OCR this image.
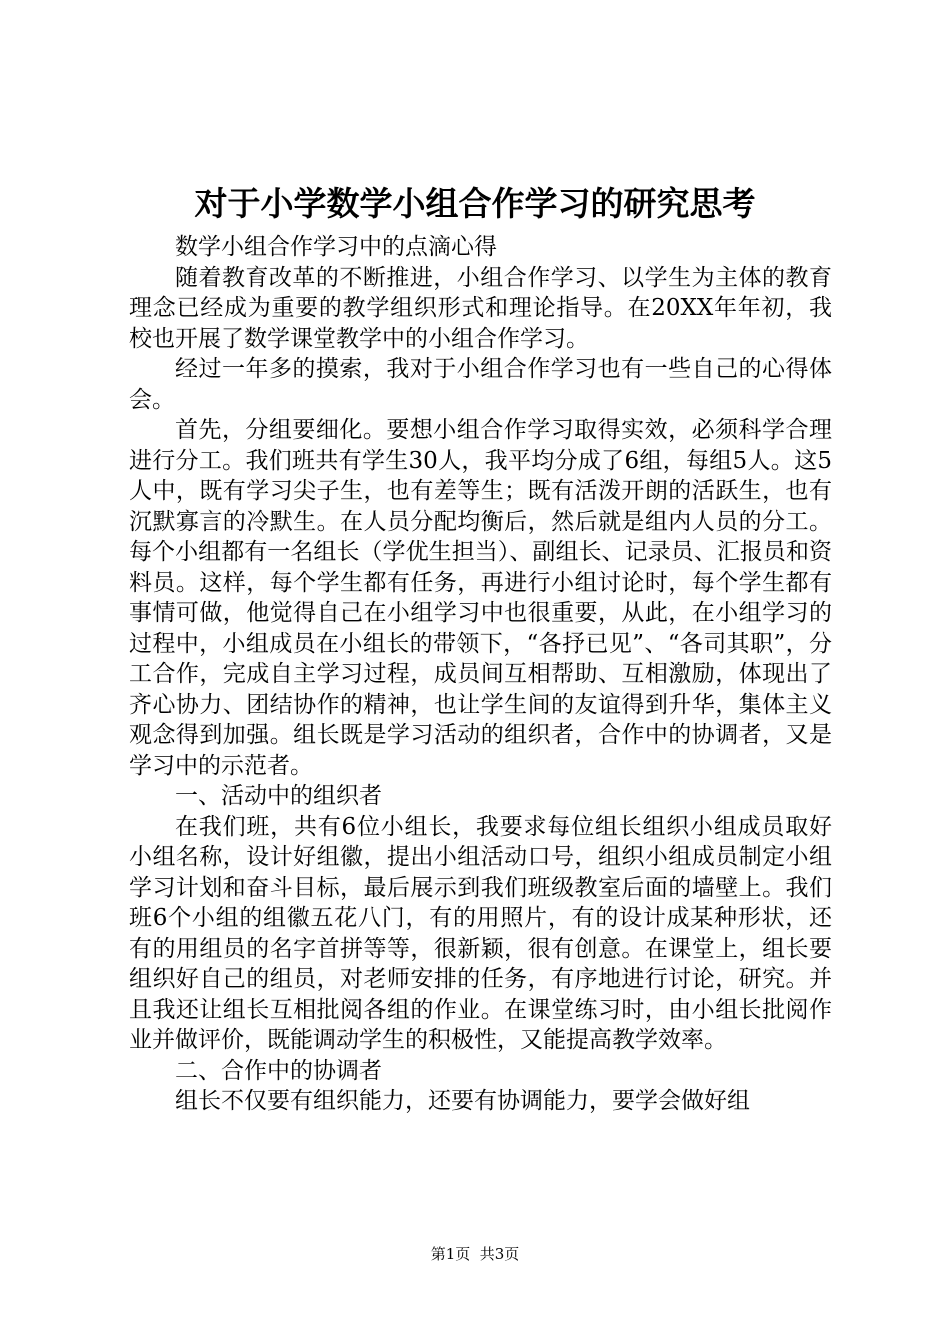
对于小学数学小组合作学习的研究思考

数学小组合作学习中的点滴心得

随着教育改革的不断推进，小组合作学习、以学生为主体的教育理念已经成为重要的教学组织形式和理论指导。在20XX年年初，我校也开展了数学课堂教学中的小组合作学习。

经过一年多的摸索，我对于小组合作学习也有一些自己的心得体会。

首先，分组要细化。要想小组合作学习取得实效，必须科学合理进行分工。我们班共有学生30人，我平均分成了6组，每组5人。这5人中，既有学习尖子生，也有差等生；既有活泼开朗的活跃生，也有沉默寡言的冷默生。在人员分配均衡后，然后就是组内人员的分工。每个小组都有一名组长（学优生担当）、副组长、记录员、汇报员和资料员。这样，每个学生都有任务，再进行小组讨论时，每个学生都有事情可做，他觉得自己在小组学习中也很重要，从此，在小组学习的过程中，小组成员在小组长的带领下，“各抒已见”、“各司其职”，分工合作，完成自主学习过程，成员间互相帮助、互相激励，体现出了齐心协力、团结协作的精神，也让学生间的友谊得到升华，集体主义观念得到加强。组长既是学习活动的组织者，合作中的协调者，又是学习中的示范者。

一、活动中的组织者

在我们班，共有6位小组长，我要求每位组长组织小组成员取好小组名称，设计好组徽，提出小组活动口号，组织小组成员制定小组学习计划和奋斗目标，最后展示到我们班级教室后面的墙壁上。我们班6个小组的组徽五花八门，有的用照片，有的设计成某种形状，还有的用组员的名字首拼等等，很新颖，很有创意。在课堂上，组长要组织好自己的组员，对老师安排的任务，有序地进行讨论，研究。并且我还让组长互相批阅各组的作业。在课堂练习时，由小组长批阅作业并做评价，既能调动学生的积极性，又能提高教学效率。

二、合作中的协调者

组长不仅要有组织能力，还要有协调能力，要学会做好组

第1页  共3页
